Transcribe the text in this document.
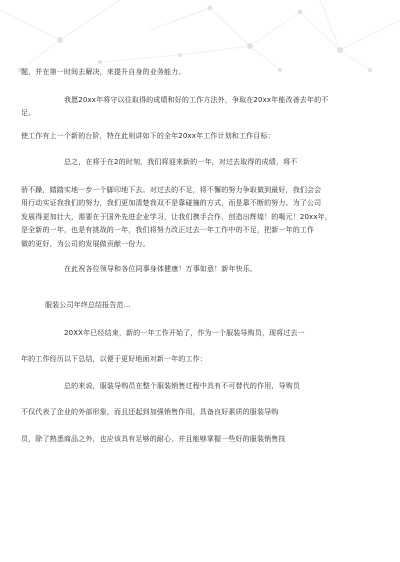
题，并在第一时间去解决，来提升自身的业务能力。
我愿20xx年将守以往取得的成绩和好的工作方法外，争取在20xx年能改善去年的不
足。
使工作有上一个新的台阶，特在此则讲如下的全年20xx年工作计划和工作目标：
总之，在将于在2的时刻，我们将迎来新的一年，对过去取得的成绩，将不
骄不躁，踏踏实地一步一个脚印地下去。对过去的不足，将不懈的努力争取做到最好，我们会会
用行动实证我我们的努力，我们更加清楚我双不是靠碰撞的方式，而是靠不断的努力。为了公司
发展得更加壮大，需要在于国外先进企业学习，让我们携手合作，创造出辉煌！的喝元！20xx年，
是全新的一年，也是有挑战的一年，我们将努力改正过去一年工作中的不足，把新一年的工作
做的更好，为公司的发展做贡献一份力。
在此祝各位领导和各位同事身体健康！万事如意！新年快乐。
服装公司年终总结报告范...
20XX年已经结束，新的一年工作开始了，作为一个服装导购员，现将过去一
年的工作经历以下总结，以便于更好地面对新一年的工作：
总的来说，服装导购员在整个服装销售过程中具有不可替代的作用，导购员
不仅代表了企业的外部形象，而且还起到加强销售作用，具备良好素质的服装导购
员，除了熟悉商品之外，也应该具有足够的耐心，并且能够掌握一些好的服装销售技
